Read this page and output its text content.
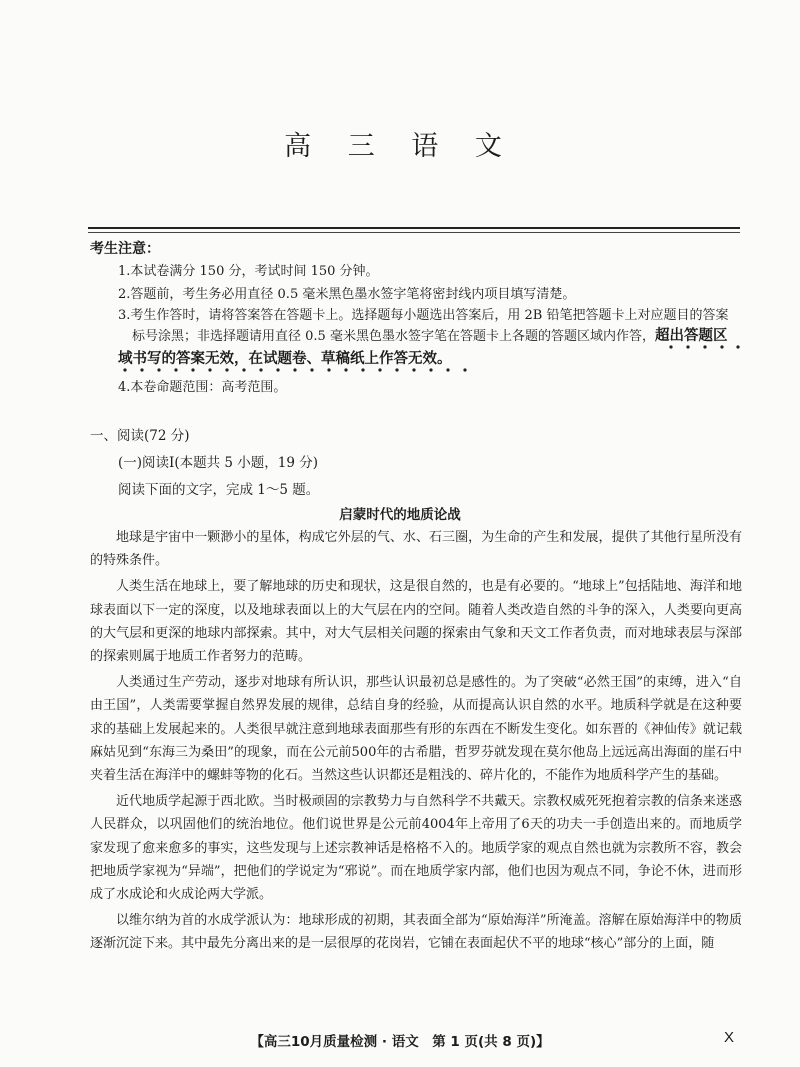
高 三 语 文
考生注意：
1.本试卷满分 150 分，考试时间 150 分钟。
2.答题前，考生务必用直径 0.5 毫米黑色墨水签字笔将密封线内项目填写清楚。
3.考生作答时，请将答案答在答题卡上。选择题每小题选出答案后，用 2B 铅笔把答题卡上对应题目的答案
标号涂黑；非选择题请用直径 0.5 毫米黑色墨水签字笔在答题卡上各题的答题区域内作答，超出答题区
域书写的答案无效，在试题卷、草稿纸上作答无效。
4.本卷命题范围：高考范围。
一、阅读(72 分)
(一)阅读Ⅰ(本题共 5 小题，19 分)
阅读下面的文字，完成 1～5 题。
启蒙时代的地质论战

地球是宇宙中一颗渺小的星体，构成它外层的气、水、石三圈，为生命的产生和发展，提供了其他行星所没有的特殊条件。

人类生活在地球上，要了解地球的历史和现状，这是很自然的，也是有必要的。“地球上”包括陆地、海洋和地球表面以下一定的深度，以及地球表面以上的大气层在内的空间。随着人类改造自然的斗争的深入，人类要向更高的大气层和更深的地球内部探索。其中，对大气层相关问题的探索由气象和天文工作者负责，而对地球表层与深部的探索则属于地质工作者努力的范畴。

人类通过生产劳动，逐步对地球有所认识，那些认识最初总是感性的。为了突破“必然王国”的束缚，进入“自由王国”，人类需要掌握自然界发展的规律，总结自身的经验，从而提高认识自然的水平。地质科学就是在这种要求的基础上发展起来的。人类很早就注意到地球表面那些有形的东西在不断发生变化。如东晋的《神仙传》就记载麻姑见到“东海三为桑田”的现象，而在公元前500年的古希腊，哲罗芬就发现在莫尔他岛上远远高出海面的崖石中夹着生活在海洋中的螺蚌等物的化石。当然这些认识都还是粗浅的、碎片化的，不能作为地质科学产生的基础。

近代地质学起源于西北欧。当时极顽固的宗教势力与自然科学不共戴天。宗教权威死死抱着宗教的信条来迷惑人民群众，以巩固他们的统治地位。他们说世界是公元前4004年上帝用了6天的功夫一手创造出来的。而地质学家发现了愈来愈多的事实，这些发现与上述宗教神话是格格不入的。地质学家的观点自然也就为宗教所不容，教会把地质学家视为“异端”，把他们的学说定为“邪说”。而在地质学家内部，他们也因为观点不同，争论不休，进而形成了水成论和火成论两大学派。

以维尔纳为首的水成学派认为：地球形成的初期，其表面全部为“原始海洋”所淹盖。溶解在原始海洋中的物质逐渐沉淀下来。其中最先分离出来的是一层很厚的花岗岩，它铺在表面起伏不平的地球“核心”部分的上面，随

【高三10月质量检测 · 语文　第 1 页(共 8 页)】	X
